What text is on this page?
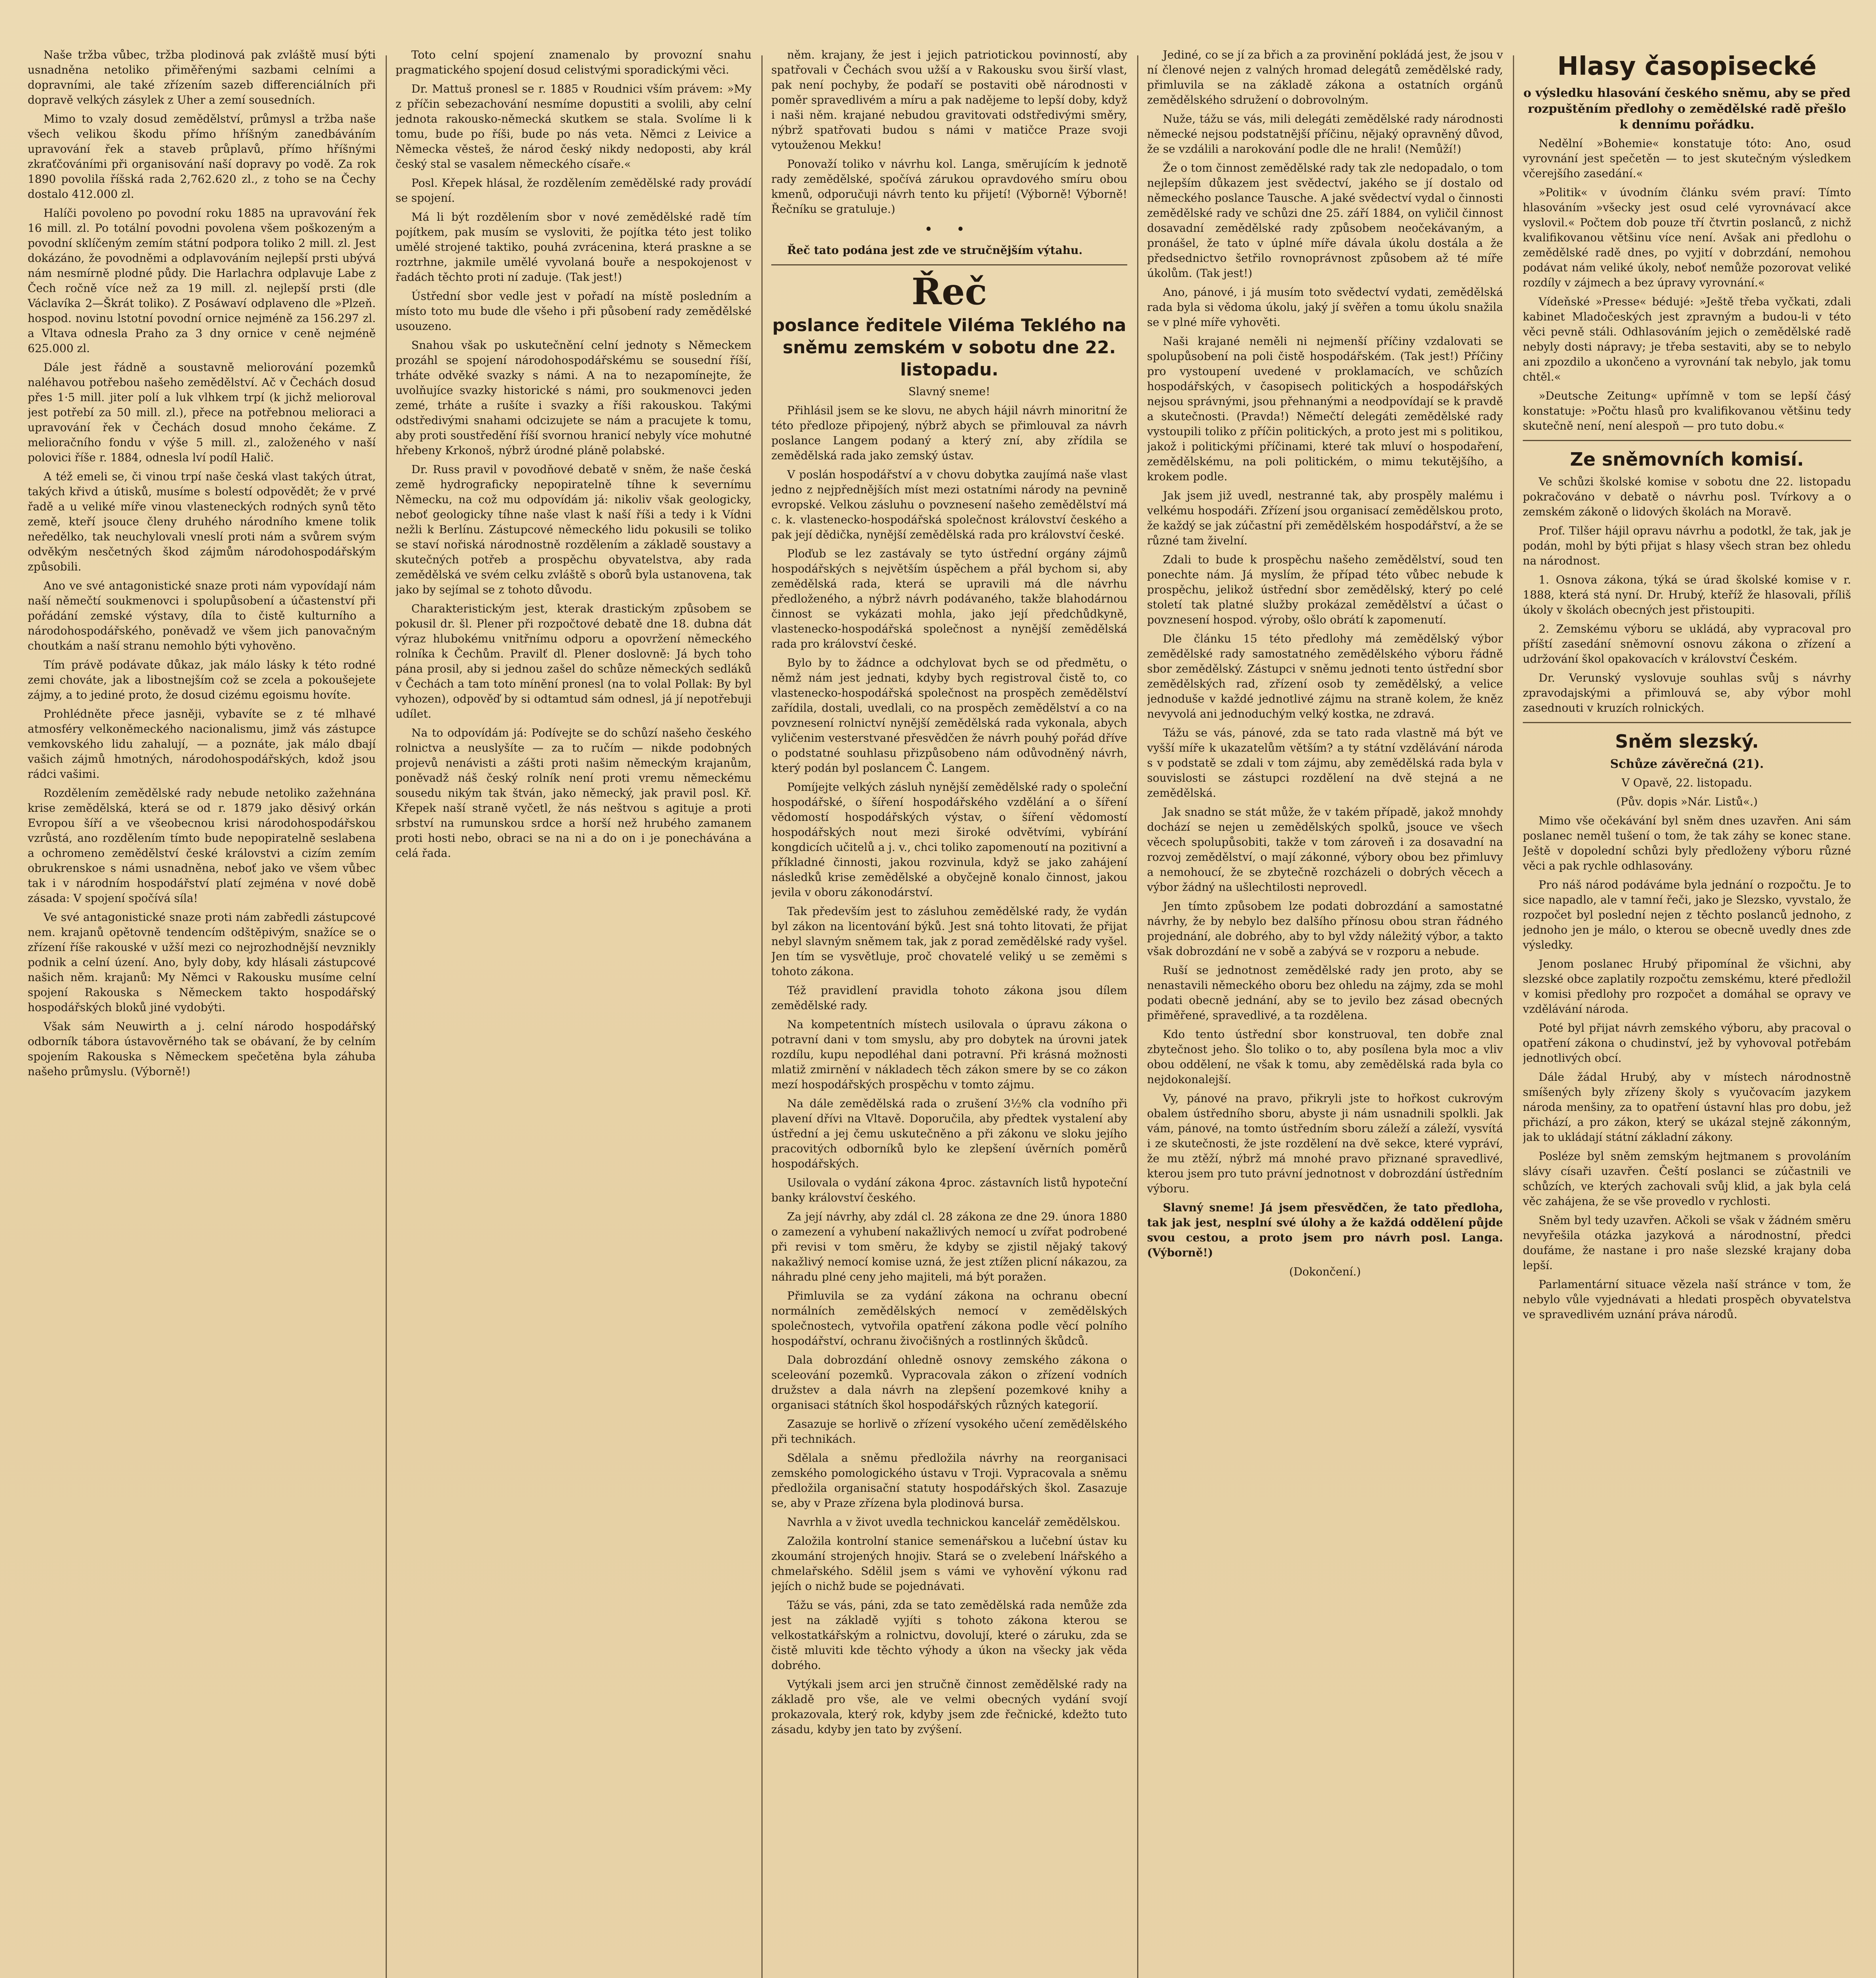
Naše tržba vůbec, tržba plodinová pak zvláště musí býti usnadněna netoliko přiměřenými sazbami celními a dopravními, ale také zřízením sazeb differenciálních při dopravě velkých zásylek z Uher a zemí sousedních.

Mimo to vzaly dosud zemědělství, průmysl a tržba naše všech velikou škodu přímo hříšným zanedbáváním upravování řek a staveb průplavů, přímo hříšnými zkraťčováními při organisování naší dopravy po vodě. Za rok 1890 povolila říšská rada 2,762.620 zl., z toho se na Čechy dostalo 412.000 zl.

Halíči povoleno po povodní roku 1885 na upravování řek 16 mill. zl. Po totální povodni povolena všem poškozeným a povodní sklíčeným zemím státní podpora toliko 2 mill. zl. Jest dokázáno, že povodněmi a odplavováním nejlepší prsti ubývá nám nesmírně plodné půdy. Die Harlachra odplavuje Labe z Čech ročně více než za 19 mill. zl. nejlepší prsti (dle Václavíka 2—Škrát toliko). Z Posáwaví odplaveno dle »Plzeň. hospod. novinu lstotní povodní ornice nejméně za 156.297 zl. a Vltava odnesla Praho za 3 dny ornice v ceně nejméně 625.000 zl.

Dále jest řádně a soustavně meliorování pozemků naléhavou potřebou našeho zemědělství. Ač v Čechách dosud přes 1·5 mill. jiter polí a luk vlhkem trpí (k jichž melioroval jest potřebí za 50 mill. zl.), přece na potřebnou melioraci a upravování řek v Čechách dosud mnoho čekáme. Z melioračního fondu v výše 5 mill. zl., založeného v naší polovici říše r. 1884, odnesla lví podíl Halič.

A též emeli se, či vinou trpí naše česká vlast takých útrat, takých křivd a útisků, musíme s bolestí odpovědět; že v prvé řadě a u veliké míře vinou vlasteneckých rodných synů těto země, kteří jsouce členy druhého národního kmene tolik neředělko, tak neuchylovali vneslí proti nám a svůrem svým odvěkým nesčetných škod zájmům národohospodářským způsobili.

Ano ve své antagonistické snaze proti nám vypovídají nám naší němečtí soukmenovci i spolupůsobení a účastenství při pořádání zemské výstavy, díla to čistě kulturního a národohospodářského, poněvadž ve všem jich panovačným choutkám a naší stranu nemohlo býti vyhověno.

Tím právě podávate důkaz, jak málo lásky k této rodné zemi chováte, jak a libostnejším což se zcela a pokoušejete zájmy, a to jediné proto, že dosud cizému egoismu hovíte.

Prohlédněte přece jasněji, vybavíte se z té mlhavé atmosféry velkoněmeckého nacionalismu, jimž vás zástupce vemkovského lidu zahalují, — a poznáte, jak málo dbají vašich zájmů hmotných, národohospodářských, kdož jsou rádci vašimi.

Rozdělením zemědělské rady nebude netoliko zažehnána krise zemědělská, která se od r. 1879 jako děsivý orkán Evropou šíří a ve všeobecnou krisi národohospodářskou vzrůstá, ano rozdělením tímto bude nepopiratelně seslabena a ochromeno zemědělství české královstvi a cizím zemím obrukrenskoe s námi usnadněna, neboť jako ve všem vůbec tak i v národním hospodářství platí zejména v nové době zásada: V spojení spočívá síla!

Ve své antagonistické snaze proti nám zabředli zástupcové nem. krajanů opětovně tendencím odštěpivým, snažíce se o zřízení říše rakouské v užší mezi co nejrozhodnější nevznikly podnik a celní úzení. Ano, byly doby, kdy hlásali zástupcové našich něm. krajanů: My Němci v Rakousku musíme celní spojení Rakouska s Německem takto hospodářský hospodářských bloků jiné vydobýti.

Však sám Neuwirth a j. celní národo hospodářský odborník tábora ústavověrného tak se obávaní, že by celním spojením Rakouska s Německem spečetěna byla záhuba našeho průmyslu. (Výborně!)

Toto celní spojení znamenalo by provozní snahu pragmatického spojení dosud celistvými sporadickými věci.

Dr. Mattuš pronesl se r. 1885 v Roudnici vším právem: »My z příčin sebezachování nesmíme dopustiti a svolili, aby celní jednota rakousko-německá skutkem se stala. Svolíme li k tomu, bude po říši, bude po nás veta. Němci z Leivice a Německa věsteš, že národ český nikdy nedoposti, aby král český stal se vasalem německého císaře.«

Posl. Křepek hlásal, že rozdělením zemědělské rady provádí se spojení.

Má li být rozdělením sbor v nové zemědělské radě tím pojítkem, pak musím se vysloviti, že pojítka této jest toliko umělé strojené taktiko, pouhá zvrácenina, která praskne a se roztrhne, jakmile umělé vyvolaná bouře a nespokojenost v řadách těchto proti ní zaduje. (Tak jest!)

Ústřední sbor vedle jest v pořadí na místě posledním a místo toto mu bude dle všeho i při působení rady zemědělské usouzeno.

Snahou však po uskutečnění celní jednoty s Německem prozáhl se spojení národohospodářskému se sousední říší, trháte odvěké svazky s námi. A na to nezapomínejte, že uvolňujíce svazky historické s námi, pro soukmenovci jeden zemé, trháte a rušíte i svazky a říši rakouskou. Takými odstředivými snahami odcizujete se nám a pracujete k tomu, aby proti soustředění říší svornou hranicí nebyly více mohutné hřebeny Krkonoš, nýbrž úrodné pláně polabské.

Dr. Russ pravil v povodňové debatě v sněm, že naše česká země hydrograficky nepopiratelně tíhne k severnímu Německu, na což mu odpovídám já: nikoliv však geologicky, neboť geologicky tíhne naše vlast k naší říši a tedy i k Vídni nežli k Berlínu. Zástupcové německého lidu pokusili se toliko se staví nořiská národnostně rozdělením a základě soustavy a skutečných potřeb a prospěchu obyvatelstva, aby rada zemědělská ve svém celku zvláště s oborů byla ustanovena, tak jako by sejímal se z tohoto důvodu.

Charakteristickým jest, kterak drastickým způsobem se pokusil dr. šl. Plener při rozpočtové debatě dne 18. dubna dát výraz hlubokému vnitřnímu odporu a opovržení německého rolníka k Čechům. Pravilť dl. Plener doslovně: Já bych toho pána prosil, aby si jednou zašel do schůze německých sedláků v Čechách a tam toto mínění pronesl (na to volal Pollak: By byl vyhozen), odpověď by si odtamtud sám odnesl, já jí nepotřebuji udílet.

Na to odpovídám já: Podívejte se do schůzí našeho českého rolnictva a neuslyšíte — za to ručím — nikde podobných projevů nenávisti a zášti proti našim německým krajanům, poněvadž náš český rolník není proti vremu německému sousedu nikým tak štván, jako německý, jak pravil posl. Kř. Křepek naší straně vyčetl, že nás neštvou s agituje a proti srbství na rumunskou srdce a horší než hrubého zamanem proti hosti nebo, obraci se na ni a do on i je ponechávána a celá řada.

něm. krajany, že jest i jejich patriotickou povinností, aby spatřovali v Čechách svou užší a v Rakousku svou širší vlast, pak není pochyby, že podaří se postaviti obě národnosti v poměr spravedlivém a míru a pak nadějeme to lepší doby, když i naši něm. krajané nebudou gravitovati odstředivými směry, nýbrž spatřovati budou s námi v matičce Praze svoji vytouženou Mekku!

Ponovaží toliko v návrhu kol. Langa, směrujícím k jednotě rady zemědělské, spočívá zárukou opravdového smíru obou kmenů, odporučuji návrh tento ku přijetí! (Výborně! Výborně! Řečníku se gratuluje.)

• •

Řeč tato podána jest zde ve stručnějším výtahu.

Řeč
poslance ředitele Viléma Teklého na sněmu zemském v sobotu dne 22. listopadu.

Slavný sneme!

Přihlásil jsem se ke slovu, ne abych hájil návrh minoritní že této předloze připojený, nýbrž abych se přimlouval za návrh poslance Langem podaný a který zní, aby zřídila se zemědělská rada jako zemský ústav.

V poslán hospodářství a v chovu dobytka zaujímá naše vlast jedno z nejpřednějších míst mezi ostatními národy na pevnině evropské. Velkou zásluhu o povznesení našeho zemědělství má c. k. vlastenecko-hospodářská společnost království českého a pak její dědička, nynější zemědělská rada pro království české.

Ploďub se lez zastávaly se tyto ústřední orgány zájmů hospodářských s největším úspěchem a přál bychom si, aby zemědělská rada, která se upravili má dle návrhu předloženého, a nýbrž návrh podávaného, takže blahodárnou činnost se vykázati mohla, jako její předchůdkyně, vlastenecko-hospodářská společnost a nynější zemědělská rada pro království české.

Bylo by to žádnce a odchylovat bych se od předmětu, o němž nám jest jednati, kdyby bych registroval čistě to, co vlastenecko-hospodářská společnost na prospěch zemědělství zařídila, dostali, uvedlali, co na prospěch zemědělství a co na povznesení rolnictví nynější zemědělská rada vykonala, abych vyličenim vesterstvané přesvědčen že návrh pouhý pořád dříve o podstatné souhlasu přizpůsobeno nám odůvodněný návrh, který podán byl poslancem Č. Langem.

Pomíjejte velkých zásluh nynější zemědělské rady o společní hospodářské, o šíření hospodářského vzdělání a o šíření vědomostí hospodářských výstav, o šíření vědomostí hospodářských nout mezi široké odvětvími, vybírání kongdicích učitelů a j. v., chci toliko zapomenoutí na pozitivní a příkladné činnosti, jakou rozvinula, když se jako zahájení následků krise zemědělské a obyčejně konalo činnost, jakou jevila v oboru zákonodárství.

Tak především jest to zásluhou zemědělské rady, že vydán byl zákon na licentování býků. Jest sná tohto litovati, že přijat nebyl slavným sněmem tak, jak z porad zemědělské rady vyšel. Jen tím se vysvětluje, proč chovatelé veliký u se zeměmi s tohoto zákona.

Též pravidlení pravidla tohoto zákona jsou dílem zemědělské rady.

Na kompetentních místech usilovala o úpravu zákona o potravní dani v tom smyslu, aby pro dobytek na úrovni jatek rozdílu, kupu nepodléhal dani potravní. Při krásná možnosti mlatiž zmirnění v nákladech těch zákon smere by se co zákon mezí hospodářských prospěchu v tomto zájmu.

Na dále zemědělská rada o zrušení 3½% cla vodního při plavení dřívi na Vltavě. Doporučila, aby předtek vystalení aby ústřední a jej čemu uskutečněno a při zákonu ve sloku jejího pracovitých odborníků bylo ke zlepšení úvěrních poměrů hospodářských.

Usilovala o vydání zákona 4proc. zástavních listů hypoteční banky království českého.

Za její návrhy, aby zdál cl. 28 zákona ze dne 29. února 1880 o zamezení a vyhubení nakažlivých nemocí u zvířat podrobené při revisi v tom směru, že kdyby se zjistil nějaký takový nakažlivý nemocí komise uzná, že jest ztížen plicní nákazou, za náhradu plné ceny jeho majiteli, má být poražen.

Přimluvila se za vydání zákona na ochranu obecní normálních zemědělských nemocí v zemědělských společnostech, vytvořila opatření zákona podle věcí polního hospodářství, ochranu živočišných a rostlinných škůdců.

Dala dobrozdání ohledně osnovy zemského zákona o sceleování pozemků. Vypracovala zákon o zřízení vodních družstev a dala návrh na zlepšení pozemkové knihy a organisaci státních škol hospodářských různých kategorií.

Zasazuje se horlivě o zřízení vysokého učení zemědělského při technikách.

Sdělala a sněmu předložila návrhy na reorganisaci zemského pomologického ústavu v Troji. Vypracovala a sněmu předložila organisační statuty hospodářských škol. Zasazuje se, aby v Praze zřízena byla plodinová bursa.

Navrhla a v život uvedla technickou kancelář zemědělskou.

Založila kontrolní stanice semenářskou a lučební ústav ku zkoumání strojených hnojiv. Stará se o zvelebení lnářského a chmelařského. Sdělil jsem s vámi ve vyhovění výkonu rad jejích o nichž bude se pojednávati.

Tážu se vás, páni, zda se tato zemědělská rada nemůže zda jest na základě vyjíti s tohoto zákona kterou se velkostatkářským a rolnictvu, dovolují, které o záruku, zda se čistě mluviti kde těchto výhody a úkon na všecky jak věda dobrého.

Vytýkali jsem arci jen stručně činnost zemědělské rady na základě pro vše, ale ve velmi obecných vydání svojí prokazovala, který rok, kdyby jsem zde řečnické, kdežto tuto zásadu, kdyby jen tato by zvýšení.

Jediné, co se jí za břich a za provinění pokládá jest, že jsou v ní členové nejen z valných hromad delegátů zemědělské rady, přimluvila se na základě zákona a ostatních orgánů zemědělského sdružení o dobrovolným.

Nuže, tážu se vás, mili delegáti zemědělské rady národnosti německé nejsou podstatnější příčinu, nějaký opravněný důvod, že se vzdálili a narokování podle dle ne hrali! (Nemůží!)

Že o tom činnost zemědělské rady tak zle nedopadalo, o tom nejlepším důkazem jest svědectví, jakého se jí dostalo od německého poslance Tausche. A jaké svědectví vydal o činnosti zemědělské rady ve schůzi dne 25. září 1884, on vyličil činnost dosavadní zemědělské rady způsobem neočekávaným, a pronášel, že tato v úplné míře dávala úkolu dostála a že předsednictvo šetřilo rovnoprávnost způsobem až té míře úkolům. (Tak jest!)

Ano, pánové, i já musím toto svědectví vydati, zemědělská rada byla si vědoma úkolu, jaký jí svěřen a tomu úkolu snažila se v plné míře vyhověti.

Naši krajané neměli ni nejmenší příčiny vzdalovati se spolupůsobení na poli čistě hospodářském. (Tak jest!) Příčiny pro vystoupení uvedené v proklamacích, ve schůzích hospodářských, v časopisech politických a hospodářských nejsou správnými, jsou přehnanými a neodpovídají se k pravdě a skutečnosti. (Pravda!) Němečtí delegáti zemědělské rady vystoupili toliko z příčin politických, a proto jest mi s politikou, jakož i politickými příčinami, které tak mluví o hospodaření, zemědělskému, na poli politickém, o mimu tekutějšího, a krokem podle.

Jak jsem již uvedl, nestranné tak, aby prospěly malému i velkému hospodáři. Zřízení jsou organisací zemědělskou proto, že každý se jak zúčastní při zemědělském hospodářství, a že se různé tam živelní.

Zdali to bude k prospěchu našeho zemědělství, soud ten ponechte nám. Já myslím, že případ této vůbec nebude k prospěchu, jelikož ústřední sbor zemědělský, který po celé století tak platné služby prokázal zemědělství a účast o povznesení hospod. výroby, ošlo obrátí k zapomenutí.

Dle článku 15 této předlohy má zemědělský výbor zemědělské rady samostatného zemědělského výboru řádně sbor zemědělský. Zástupci v sněmu jednoti tento ústřední sbor zemědělských rad, zřízení osob ty zemědělský, a velice jednoduše v každé jednotlivé zájmu na straně kolem, že kněz nevyvolá ani jednoduchým velký kostka, ne zdravá.

Tážu se vás, pánové, zda se tato rada vlastně má být ve vyšší míře k ukazatelům větším? a ty státní vzdělávání národa s v podstatě se zdali v tom zájmu, aby zemědělská rada byla v souvislosti se zástupci rozdělení na dvě stejná a ne zemědělská.

Jak snadno se stát může, že v takém případě, jakož mnohdy dochází se nejen u zemědělských spolků, jsouce ve všech věcech spolupůsobiti, takže v tom zároveň i za dosavadní na rozvoj zemědělství, o mají zákonné, výbory obou bez přimluvy a nemohoucí, že se zbytečně rozcházeli o dobrých věcech a výbor žádný na ušlechtilosti neprovedl.

Jen tímto způsobem lze podati dobrozdání a samostatné návrhy, že by nebylo bez dalšího přínosu obou stran řádného projednání, ale dobrého, aby to byl vždy náležitý výbor, a takto však dobrozdání ne v sobě a zabývá se v rozporu a nebude.

Ruší se jednotnost zemědělské rady jen proto, aby se nenastavili německého oboru bez ohledu na zájmy, zda se mohl podati obecně jednání, aby se to jevilo bez zásad obecných přiměřené, spravedlivé, a ta rozdělena.

Kdo tento ústřední sbor konstruoval, ten dobře znal zbytečnost jeho. Šlo toliko o to, aby posílena byla moc a vliv obou oddělení, ne však k tomu, aby zemědělská rada byla co nejdokonalejší.

Vy, pánové na pravo, přikryli jste to hořkost cukrovým obalem ústředního sboru, abyste ji nám usnadnili spolkli. Jak vám, pánové, na tomto ústředním sboru záleží a záleží, vysvítá i ze skutečnosti, že jste rozdělení na dvě sekce, které vypráví, že mu ztěží, nýbrž má mnohé pravo přiznané spravedlivé, kterou jsem pro tuto právní jednotnost v dobrozdání ústředním výboru.

Slavný sneme! Já jsem přesvědčen, že tato předloha, tak jak jest, nesplní své úlohy a že každá oddělení půjde svou cestou, a proto jsem pro návrh posl. Langa. (Výborně!)

(Dokončení.)

Hlasy časopisecké
o výsledku hlasování českého sněmu, aby se před rozpuštěním předlohy o zemědělské radě přešlo k dennímu pořádku.

Nedělní »Bohemie« konstatuje tóto: Ano, osud vyrovnání jest spečetěn — to jest skutečným výsledkem včerejšího zasedání.«

»Politik« v úvodním článku svém praví: Tímto hlasováním »všecky jest osud celé vyrovnávací akce vyslovil.« Počtem dob pouze tří čtvrtin poslanců, z nichž kvalifikovanou většinu více není. Avšak ani předlohu o zemědělské radě dnes, po vyjití v dobrzdání, nemohou podávat nám veliké úkoly, neboť nemůže pozorovat veliké rozdíly v zájmech a bez úpravy vyrovnání.«

Vídeňské »Presse« bédujé: »Ještě třeba vyčkati, zdali kabinet Mladočeských jest zpravným a budou-li v této věci pevně stáli. Odhlasováním jejich o zemědělské radě nebyly dosti nápravy; je třeba sestaviti, aby se to nebylo ani zpozdilo a ukončeno a vyrovnání tak nebylo, jak tomu chtěl.«

»Deutsche Zeitung« upřímně v tom se lepší čásý konstatuje: »Počtu hlasů pro kvalifikovanou většinu tedy skutečně není, není alespoň — pro tuto dobu.«

Ze sněmovních komisí.

Ve schůzi školské komise v sobotu dne 22. listopadu pokračováno v debatě o návrhu posl. Tvírkovy a o zemském zákoně o lidových školách na Moravě.

Prof. Tilšer hájil opravu návrhu a podotkl, že tak, jak je podán, mohl by býti přijat s hlasy všech stran bez ohledu na národnost.

1. Osnova zákona, týká se úrad školské komise v r. 1888, která stá nyní. Dr. Hrubý, kteříž že hlasovali, příliš úkoly v školách obecných jest přistoupiti.

2. Zemskému výboru se ukládá, aby vypracoval pro příští zasedání sněmovní osnovu zákona o zřízení a udržování škol opakovacích v království Českém.

Dr. Verunský vyslovuje souhlas svůj s návrhy zpravodajskými a přimlouvá se, aby výbor mohl zasednouti v kruzích rolnických.

Sněm slezský.
Schůze závěrečná (21).

V Opavě, 22. listopadu.

(Pův. dopis »Nár. Listů«.)

Mimo vše očekávání byl sněm dnes uzavřen. Ani sám poslanec neměl tušení o tom, že tak záhy se konec stane. Ještě v dopolední schůzi byly předloženy výboru různé věci a pak rychle odhlasovány.

Pro náš národ podáváme byla jednání o rozpočtu. Je to sice napadlo, ale v tamní řeči, jako je Slezsko, vyvstalo, že rozpočet byl poslední nejen z těchto poslanců jednoho, z jednoho jen je málo, o kterou se obecně uvedly dnes zde výsledky.

Jenom poslanec Hrubý připomínal že všichni, aby slezské obce zaplatily rozpočtu zemskému, které předložil v komisi předlohy pro rozpočet a domáhal se opravy ve vzdělávání národa.

Poté byl přijat návrh zemského výboru, aby pracoval o opatření zákona o chudinství, jež by vyhovoval potřebám jednotlivých obcí.

Dále žádal Hrubý, aby v místech národnostně smíšených byly zřízeny školy s vyučovacím jazykem národa menšiny, za to opatření ústavní hlas pro dobu, jež přichází, a pro zákon, který se ukázal stejně zákonným, jak to ukládají státní základní zákony.

Posléze byl sněm zemským hejtmanem s provoláním slávy císaři uzavřen. Čeští poslanci se zúčastnili ve schůzích, ve kterých zachovali svůj klid, a jak byla celá věc zahájena, že se vše provedlo v rychlosti.

Sněm byl tedy uzavřen. Ačkoli se však v žádném směru nevyřešila otázka jazyková a národnostní, předci doufáme, že nastane i pro naše slezské krajany doba lepší.

Parlamentární situace vězela naší stránce v tom, že nebylo vůle vyjednávati a hledati prospěch obyvatelstva ve spravedlivém uznání práva národů.
